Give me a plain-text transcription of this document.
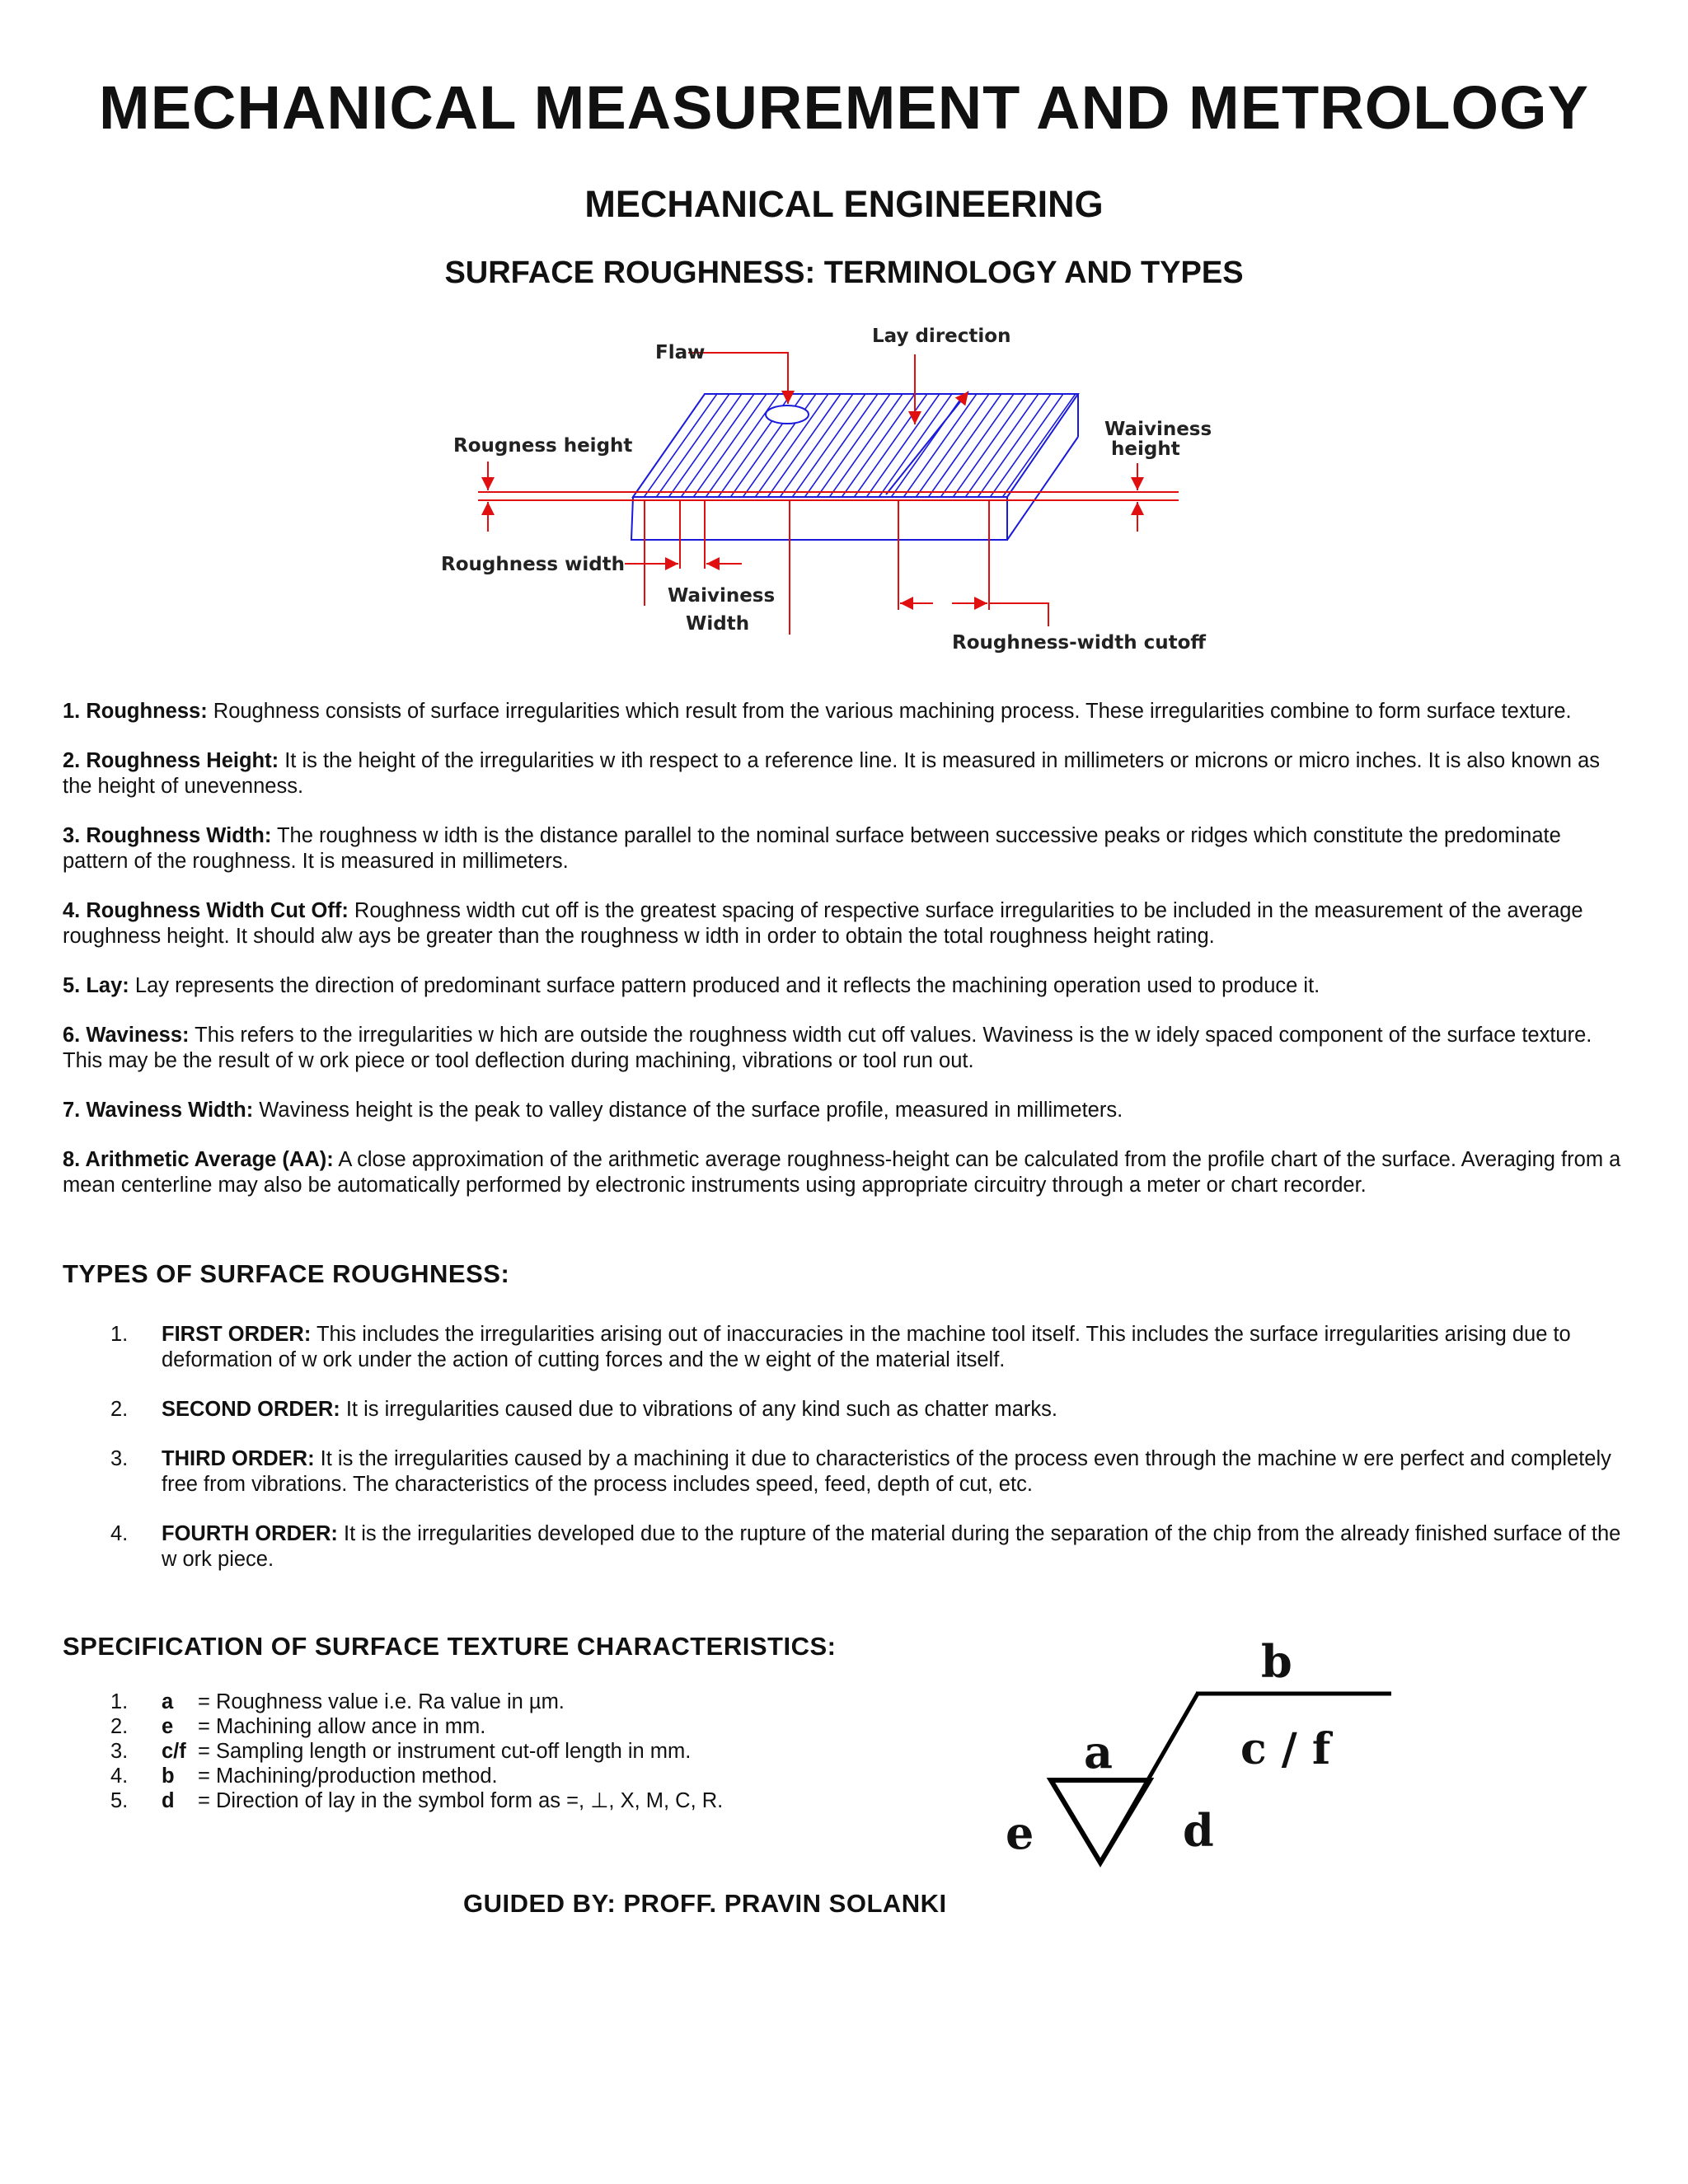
MECHANICAL MEASUREMENT AND METROLOGY
MECHANICAL ENGINEERING
SURFACE ROUGHNESS: TERMINOLOGY AND TYPES
Flaw
Lay direction
Rougness height
Waiviness
height
Roughness width
Waiviness
Width
Roughness-width cutoff

1. Roughness: Roughness consists of surface irregularities which result from the various machining process. These irregularities combine to form surface texture.

2. Roughness Height: It is the height of the irregularities w ith respect to a reference line. It is measured in millimeters or microns or micro inches. It is also known as the height of unevenness.

3. Roughness Width: The roughness w idth is the distance parallel to the nominal surface between successive peaks or ridges which constitute the predominate pattern of the roughness. It is measured in millimeters.

4. Roughness Width Cut Off: Roughness width cut off is the greatest spacing of respective surface irregularities to be included in the measurement of the average roughness height. It should alw ays be greater than the roughness w idth in order to obtain the total roughness height rating.

5. Lay: Lay represents the direction of predominant surface pattern produced and it reflects the machining operation used to produce it.

6. Waviness: This refers to the irregularities w hich are outside the roughness width cut off values. Waviness is the w idely spaced component of the surface texture. This may be the result of w ork piece or tool deflection during machining, vibrations or tool run out.

7. Waviness Width: Waviness height is the peak to valley distance of the surface profile, measured in millimeters.

8. Arithmetic Average (AA): A close approximation of the arithmetic average roughness-height can be calculated from the profile chart of the surface. Averaging from a mean centerline may also be automatically performed by electronic instruments using appropriate circuitry through a meter or chart recorder.

TYPES OF SURFACE ROUGHNESS:

1. FIRST ORDER: This includes the irregularities arising out of inaccuracies in the machine tool itself. This includes the surface irregularities arising due to deformation of w ork under the action of cutting forces and the w eight of the material itself.

2. SECOND ORDER: It is irregularities caused due to vibrations of any kind such as chatter marks.

3. THIRD ORDER: It is the irregularities caused by a machining it due to characteristics of the process even through the machine w ere perfect and completely free from vibrations. The characteristics of the process includes speed, feed, depth of cut, etc.

4. FOURTH ORDER: It is the irregularities developed due to the rupture of the material during the separation of the chip from the already finished surface of the w ork piece.

SPECIFICATION OF SURFACE TEXTURE CHARACTERISTICS:
1. a = Roughness value i.e. Ra value in µm.
2. e = Machining allow ance in mm.
3. c/f = Sampling length or instrument cut-off length in mm.
4. b = Machining/production method.
5. d = Direction of lay in the symbol form as =, ⊥, X, M, C, R.
b
a	c / f
e	d

GUIDED BY: PROFF. PRAVIN SOLANKI
